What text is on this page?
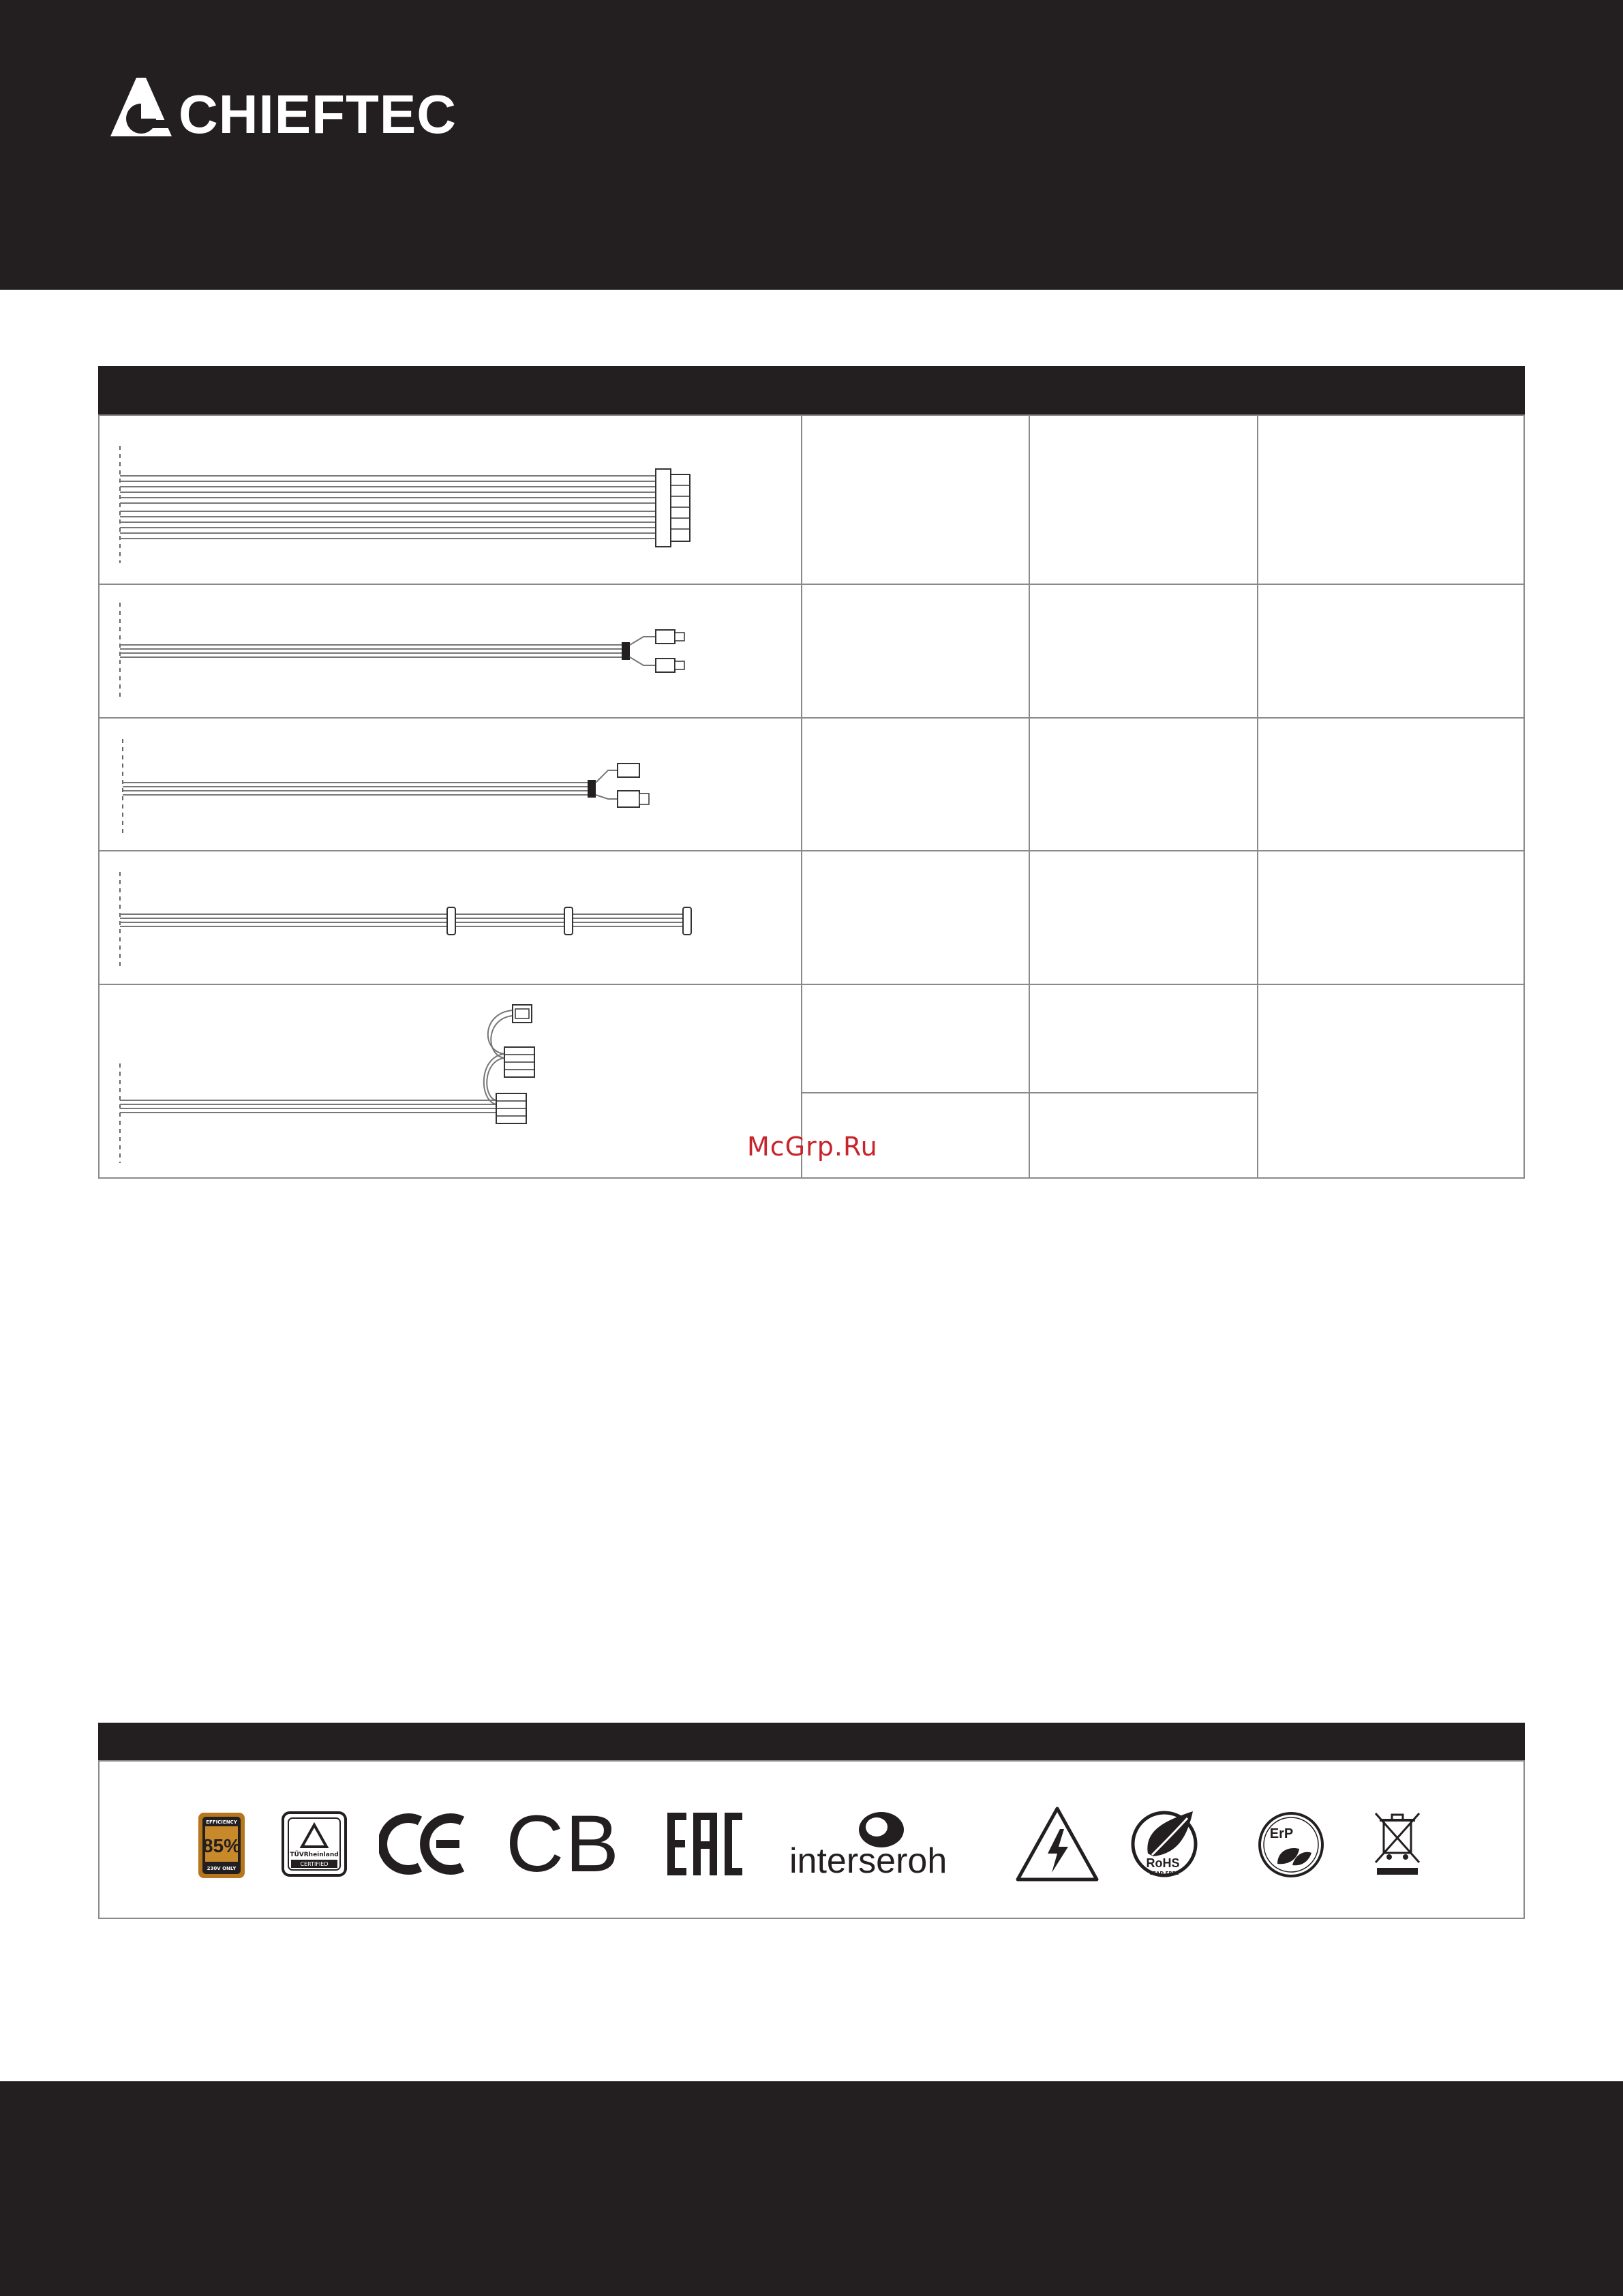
CHIEFTEC
McGrp.Ru
EFFICIENCY
85%
230V ONLY
TÜVRheinland
CERTIFIED CB	interseroh	RoHS
LEAD FREE
ErP
